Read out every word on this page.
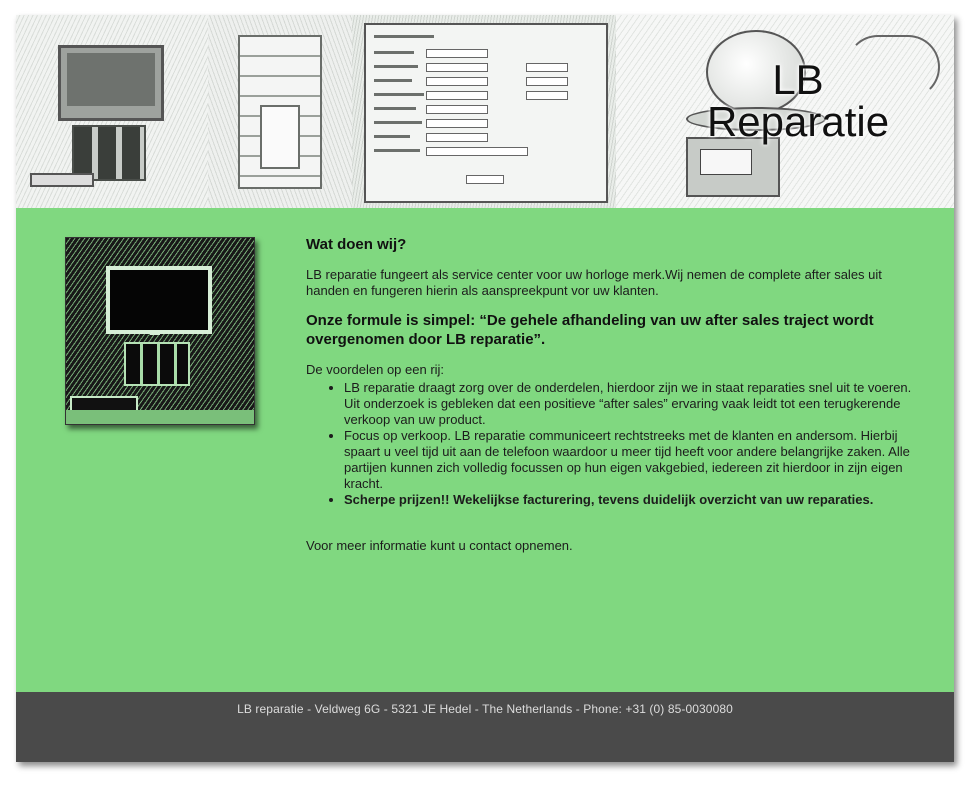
LB
Reparatie
Wat doen wij?

LB reparatie fungeert als service center voor uw horloge merk.Wij nemen de complete after sales uit handen en fungeren hierin als aanspreekpunt vor uw klanten.

Onze formule is simpel: “De gehele afhandeling van uw after sales traject wordt overgenomen door LB reparatie”.

De voordelen op een rij:

• LB reparatie draagt zorg over de onderdelen, hierdoor zijn we in staat reparaties snel uit te voeren. Uit onderzoek is gebleken dat een positieve “after sales” ervaring vaak leidt tot een terugkerende verkoop van uw product.
• Focus op verkoop. LB reparatie communiceert rechtstreeks met de klanten en andersom. Hierbij spaart u veel tijd uit aan de telefoon waardoor u meer tijd heeft voor andere belangrijke zaken. Alle partijen kunnen zich volledig focussen op hun eigen vakgebied, iedereen zit hierdoor in zijn eigen kracht.
• Scherpe prijzen!! Wekelijkse facturering, tevens duidelijk overzicht van uw reparaties.

Voor meer informatie kunt u contact opnemen.

LB reparatie - Veldweg 6G - 5321 JE Hedel - The Netherlands - Phone: +31 (0) 85-0030080
